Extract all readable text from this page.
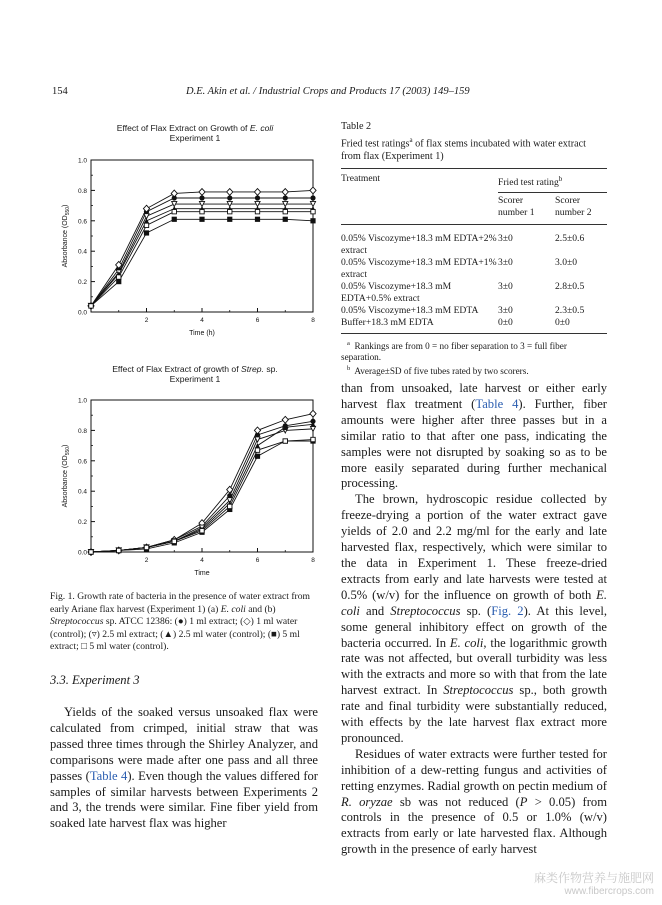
154	D.E. Akin et al. / Industrial Crops and Products 17 (2003) 149–159
Effect of Flax Extract on Growth of E. coli
Experiment 1
0.0
0.2
0.4
0.6
0.8
1.0
2	4	6	8
Time (h)
Absorbance $(OD_{550})$
Effect of Flax Extract of growth of Strep. sp.
Experiment 1
0.0
0.2
0.4
0.6
0.8
1.0
2	4	6	8
Time
Absorbance $(OD_{550})$
Fig. 1. Growth rate of bacteria in the presence of water extract from early Ariane flax harvest (Experiment 1) (a) E. coli and (b) Streptococcus sp. ATCC 12386: (●) 1 ml extract; (◇) 1 ml water (control); (▿) 2.5 ml extract; (▲) 2.5 ml water (control); (■) 5 ml extract; □ 5 ml water (control).
3.3. Experiment 3

Yields of the soaked versus unsoaked flax were calculated from crimped, initial straw that was passed three times through the Shirley Analyzer, and comparisons were made after one pass and all three passes (Table 4). Even though the values differed for samples of similar harvests between Experiments 2 and 3, the trends were similar. Fine fiber yield from soaked late harvest flax was higher

Table 2
Fried test ratings$^a$ of flax stems incubated with water extract from flax (Experiment 1)
Treatment	Fried test rating$^b$

	Scorer number 1	Scorer number 2

0.05% Viscozyme+18.3 mM EDTA+2% extract	3±0	2.5±0.6
0.05% Viscozyme+18.3 mM EDTA+1% extract	3±0	3.0±0
0.05% Viscozyme+18.3 mM EDTA+0.5% extract	3±0	2.8±0.5
0.05% Viscozyme+18.3 mM EDTA	3±0	2.3±0.5
Buffer+18.3 mM EDTA	0±0	0±0

$^a$ Rankings are from 0 = no fiber separation to 3 = full fiber separation.
$^b$ Average±SD of five tubes rated by two scorers.

than from unsoaked, late harvest or either early harvest flax treatment (Table 4). Further, fiber amounts were higher after three passes but in a similar ratio to that after one pass, indicating the samples were not disrupted by soaking so as to be more easily separated during further mechanical processing.

The brown, hydroscopic residue collected by freeze-drying a portion of the water extract gave yields of 2.0 and 2.2 mg/ml for the early and late harvested flax, respectively, which were similar to the data in Experiment 1. These freeze-dried extracts from early and late harvests were tested at 0.5% (w/v) for the influence on growth of both E. coli and Streptococcus sp. (Fig. 2). At this level, some general inhibitory effect on growth of the bacteria occurred. In E. coli, the logarithmic growth rate was not affected, but overall turbidity was less with the extracts and more so with that from the late harvest extract. In Streptococcus sp., both growth rate and final turbidity were substantially reduced, with effects by the late harvest flax extract more pronounced.

Residues of water extracts were further tested for inhibition of a dew-retting fungus and activities of retting enzymes. Radial growth on pectin medium of R. oryzae sb was not reduced (P > 0.05) from controls in the presence of 0.5 or 1.0% (w/v) extracts from early or late harvested flax. Although growth in the presence of early harvest

麻类作物营养与施肥网
www.fibercrops.com
